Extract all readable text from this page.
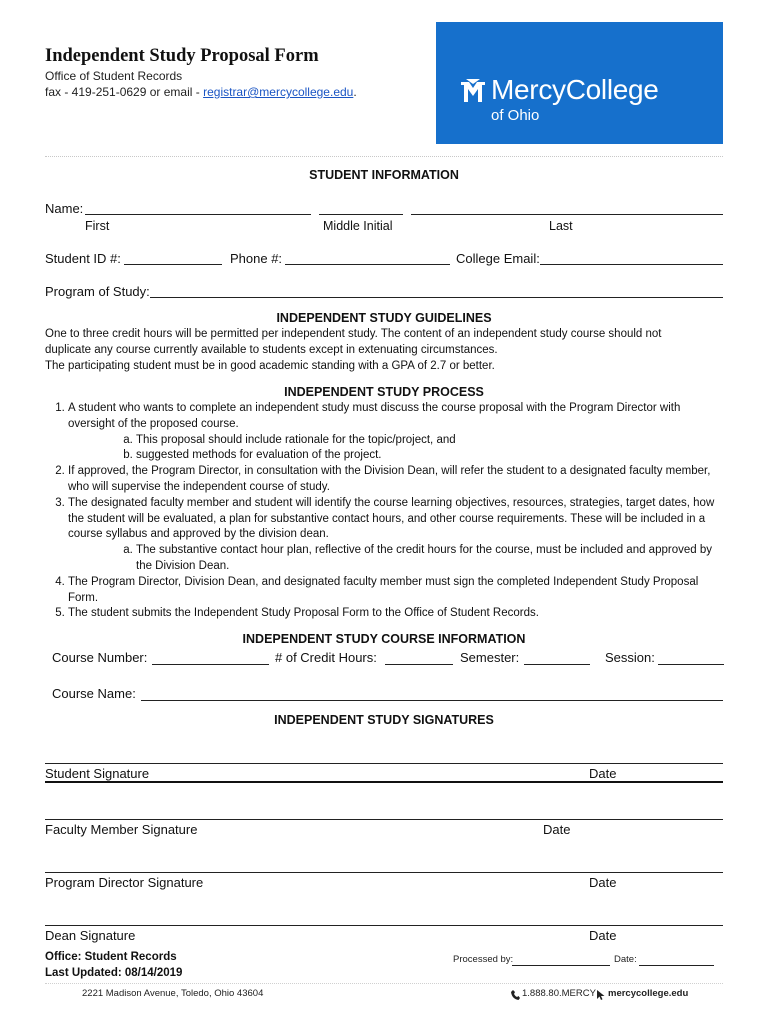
Independent Study Proposal Form
Office of Student Records
fax - 419-251-0629 or email - registrar@mercycollege.edu.	MercyCollege
of Ohio
STUDENT INFORMATION
Name:
First	Middle Initial	Last
Student ID #:	Phone #:	College Email:
Program of Study:
INDEPENDENT STUDY GUIDELINES
One to three credit hours will be permitted per independent study. The content of an independent study course should not
duplicate any course currently available to students except in extenuating circumstances.
The participating student must be in good academic standing with a GPA of 2.7 or better.
INDEPENDENT STUDY PROCESS
1. A student who wants to complete an independent study must discuss the course proposal with the Program Director with oversight of the proposed course.
a. This proposal should include rationale for the topic/project, and
b. suggested methods for evaluation of the project.
2. If approved, the Program Director, in consultation with the Division Dean, will refer the student to a designated faculty member, who will supervise the independent course of study.
3. The designated faculty member and student will identify the course learning objectives, resources, strategies, target dates, how the student will be evaluated, a plan for substantive contact hours, and other course requirements. These will be included in a course syllabus and approved by the division dean.
a. The substantive contact hour plan, reflective of the credit hours for the course, must be included and approved by the Division Dean.
4. The Program Director, Division Dean, and designated faculty member must sign the completed Independent Study Proposal Form.
5. The student submits the Independent Study Proposal Form to the Office of Student Records.
INDEPENDENT STUDY COURSE INFORMATION
Course Number:	# of Credit Hours:	Semester:	Session:
Course Name:
INDEPENDENT STUDY SIGNATURES
Student Signature	Date
Faculty Member Signature	Date
Program Director Signature	Date
Dean Signature	Date
Office: Student Records
Last Updated: 08/14/2019
Processed by:	Date:
2221 Madison Avenue, Toledo, Ohio 43604	1.888.80.MERCY mercycollege.edu
